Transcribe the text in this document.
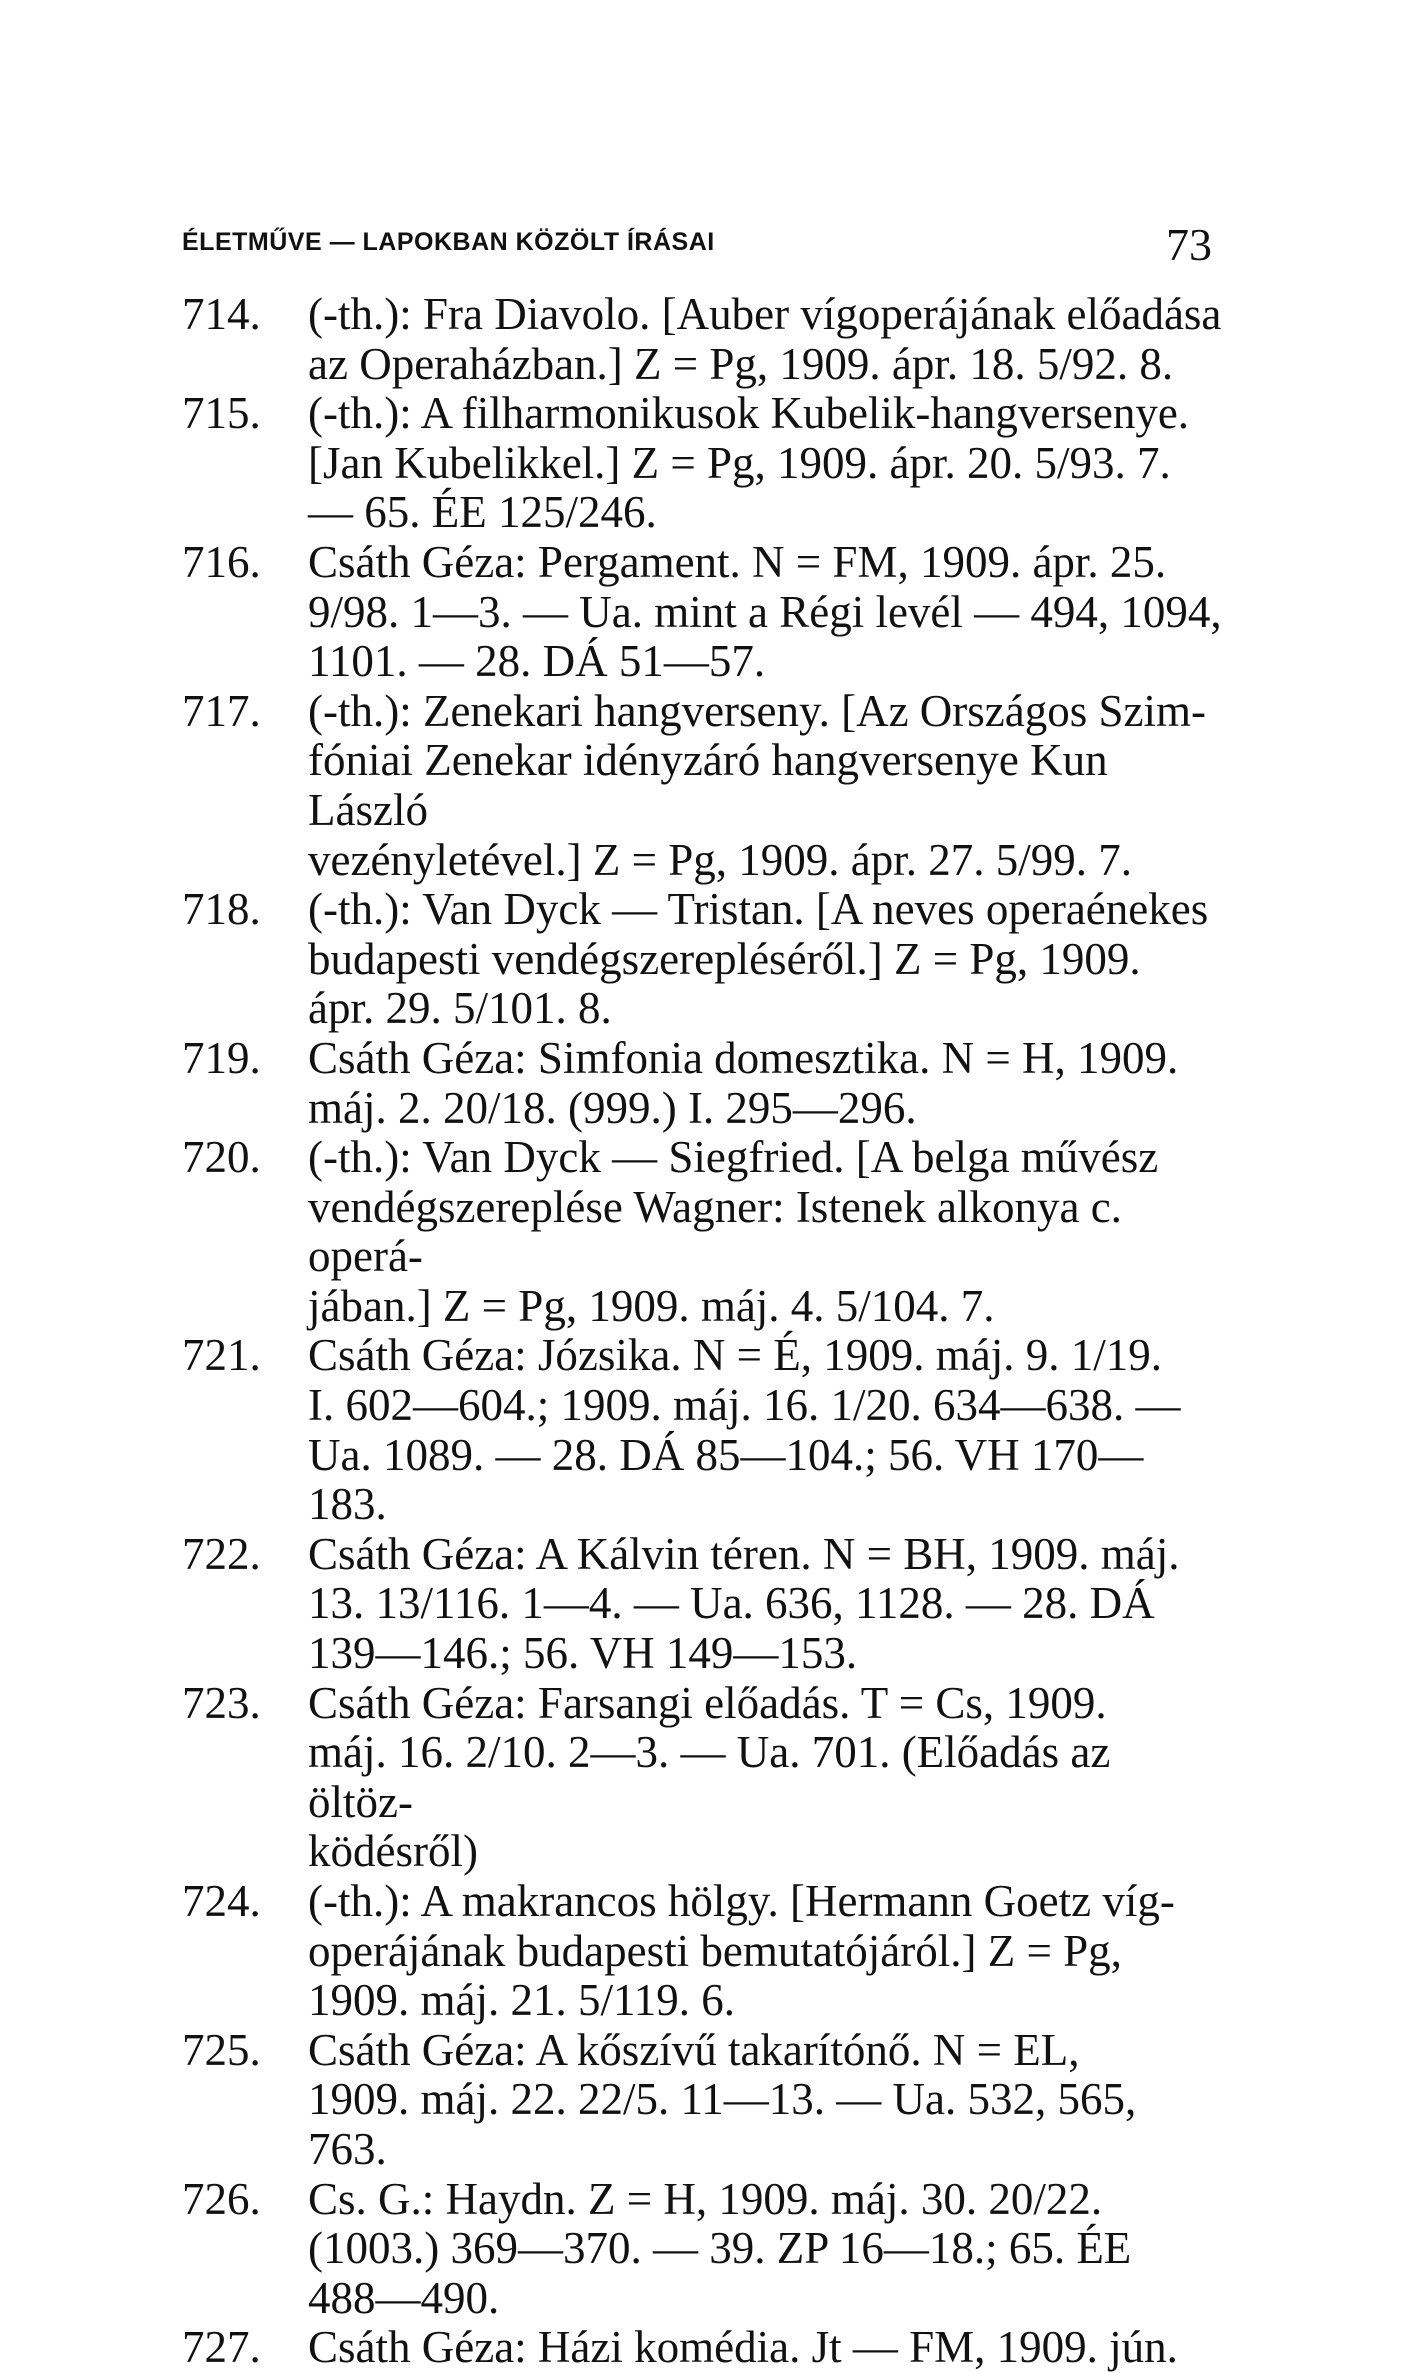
ÉLETMŰVE — LAPOKBAN KÖZÖLT ÍRÁSAI	73
714.	(-th.): Fra Diavolo. [Auber vígoperájának előadása
az Operaházban.] Z = Pg, 1909. ápr. 18. 5/92. 8.
715.	(-th.): A filharmonikusok Kubelik-hangversenye.
[Jan Kubelikkel.] Z = Pg, 1909. ápr. 20. 5/93. 7.
— 65. ÉE 125/246.
716.	Csáth Géza: Pergament. N = FM, 1909. ápr. 25.
9/98. 1—3. — Ua. mint a Régi levél — 494, 1094,
1101. — 28. DÁ 51—57.
717.	(-th.): Zenekari hangverseny. [Az Országos Szim-
fóniai Zenekar idényzáró hangversenye Kun László
vezényletével.] Z = Pg, 1909. ápr. 27. 5/99. 7.
718.	(-th.): Van Dyck — Tristan. [A neves operaénekes
budapesti vendégszerepléséről.] Z = Pg, 1909.
ápr. 29. 5/101. 8.
719.	Csáth Géza: Simfonia domesztika. N = H, 1909.
máj. 2. 20/18. (999.) I. 295—296.
720.	(-th.): Van Dyck — Siegfried. [A belga művész
vendégszereplése Wagner: Istenek alkonya c. operá-
jában.] Z = Pg, 1909. máj. 4. 5/104. 7.
721.	Csáth Géza: Józsika. N = É, 1909. máj. 9. 1/19.
I. 602—604.; 1909. máj. 16. 1/20. 634—638. —
Ua. 1089. — 28. DÁ 85—104.; 56. VH 170—183.
722.	Csáth Géza: A Kálvin téren. N = BH, 1909. máj.
13. 13/116. 1—4. — Ua. 636, 1128. — 28. DÁ
139—146.; 56. VH 149—153.
723.	Csáth Géza: Farsangi előadás. T = Cs, 1909.
máj. 16. 2/10. 2—3. — Ua. 701. (Előadás az öltöz-
ködésről)
724.	(-th.): A makrancos hölgy. [Hermann Goetz víg-
operájának budapesti bemutatójáról.] Z = Pg,
1909. máj. 21. 5/119. 6.
725.	Csáth Géza: A kőszívű takarítónő. N = EL,
1909. máj. 22. 22/5. 11—13. — Ua. 532, 565,
763.
726.	Cs. G.: Haydn. Z = H, 1909. máj. 30. 20/22.
(1003.) 369—370. — 39. ZP 16—18.; 65. ÉE
488—490.
727.	Csáth Géza: Házi komédia. Jt — FM, 1909. jún.
